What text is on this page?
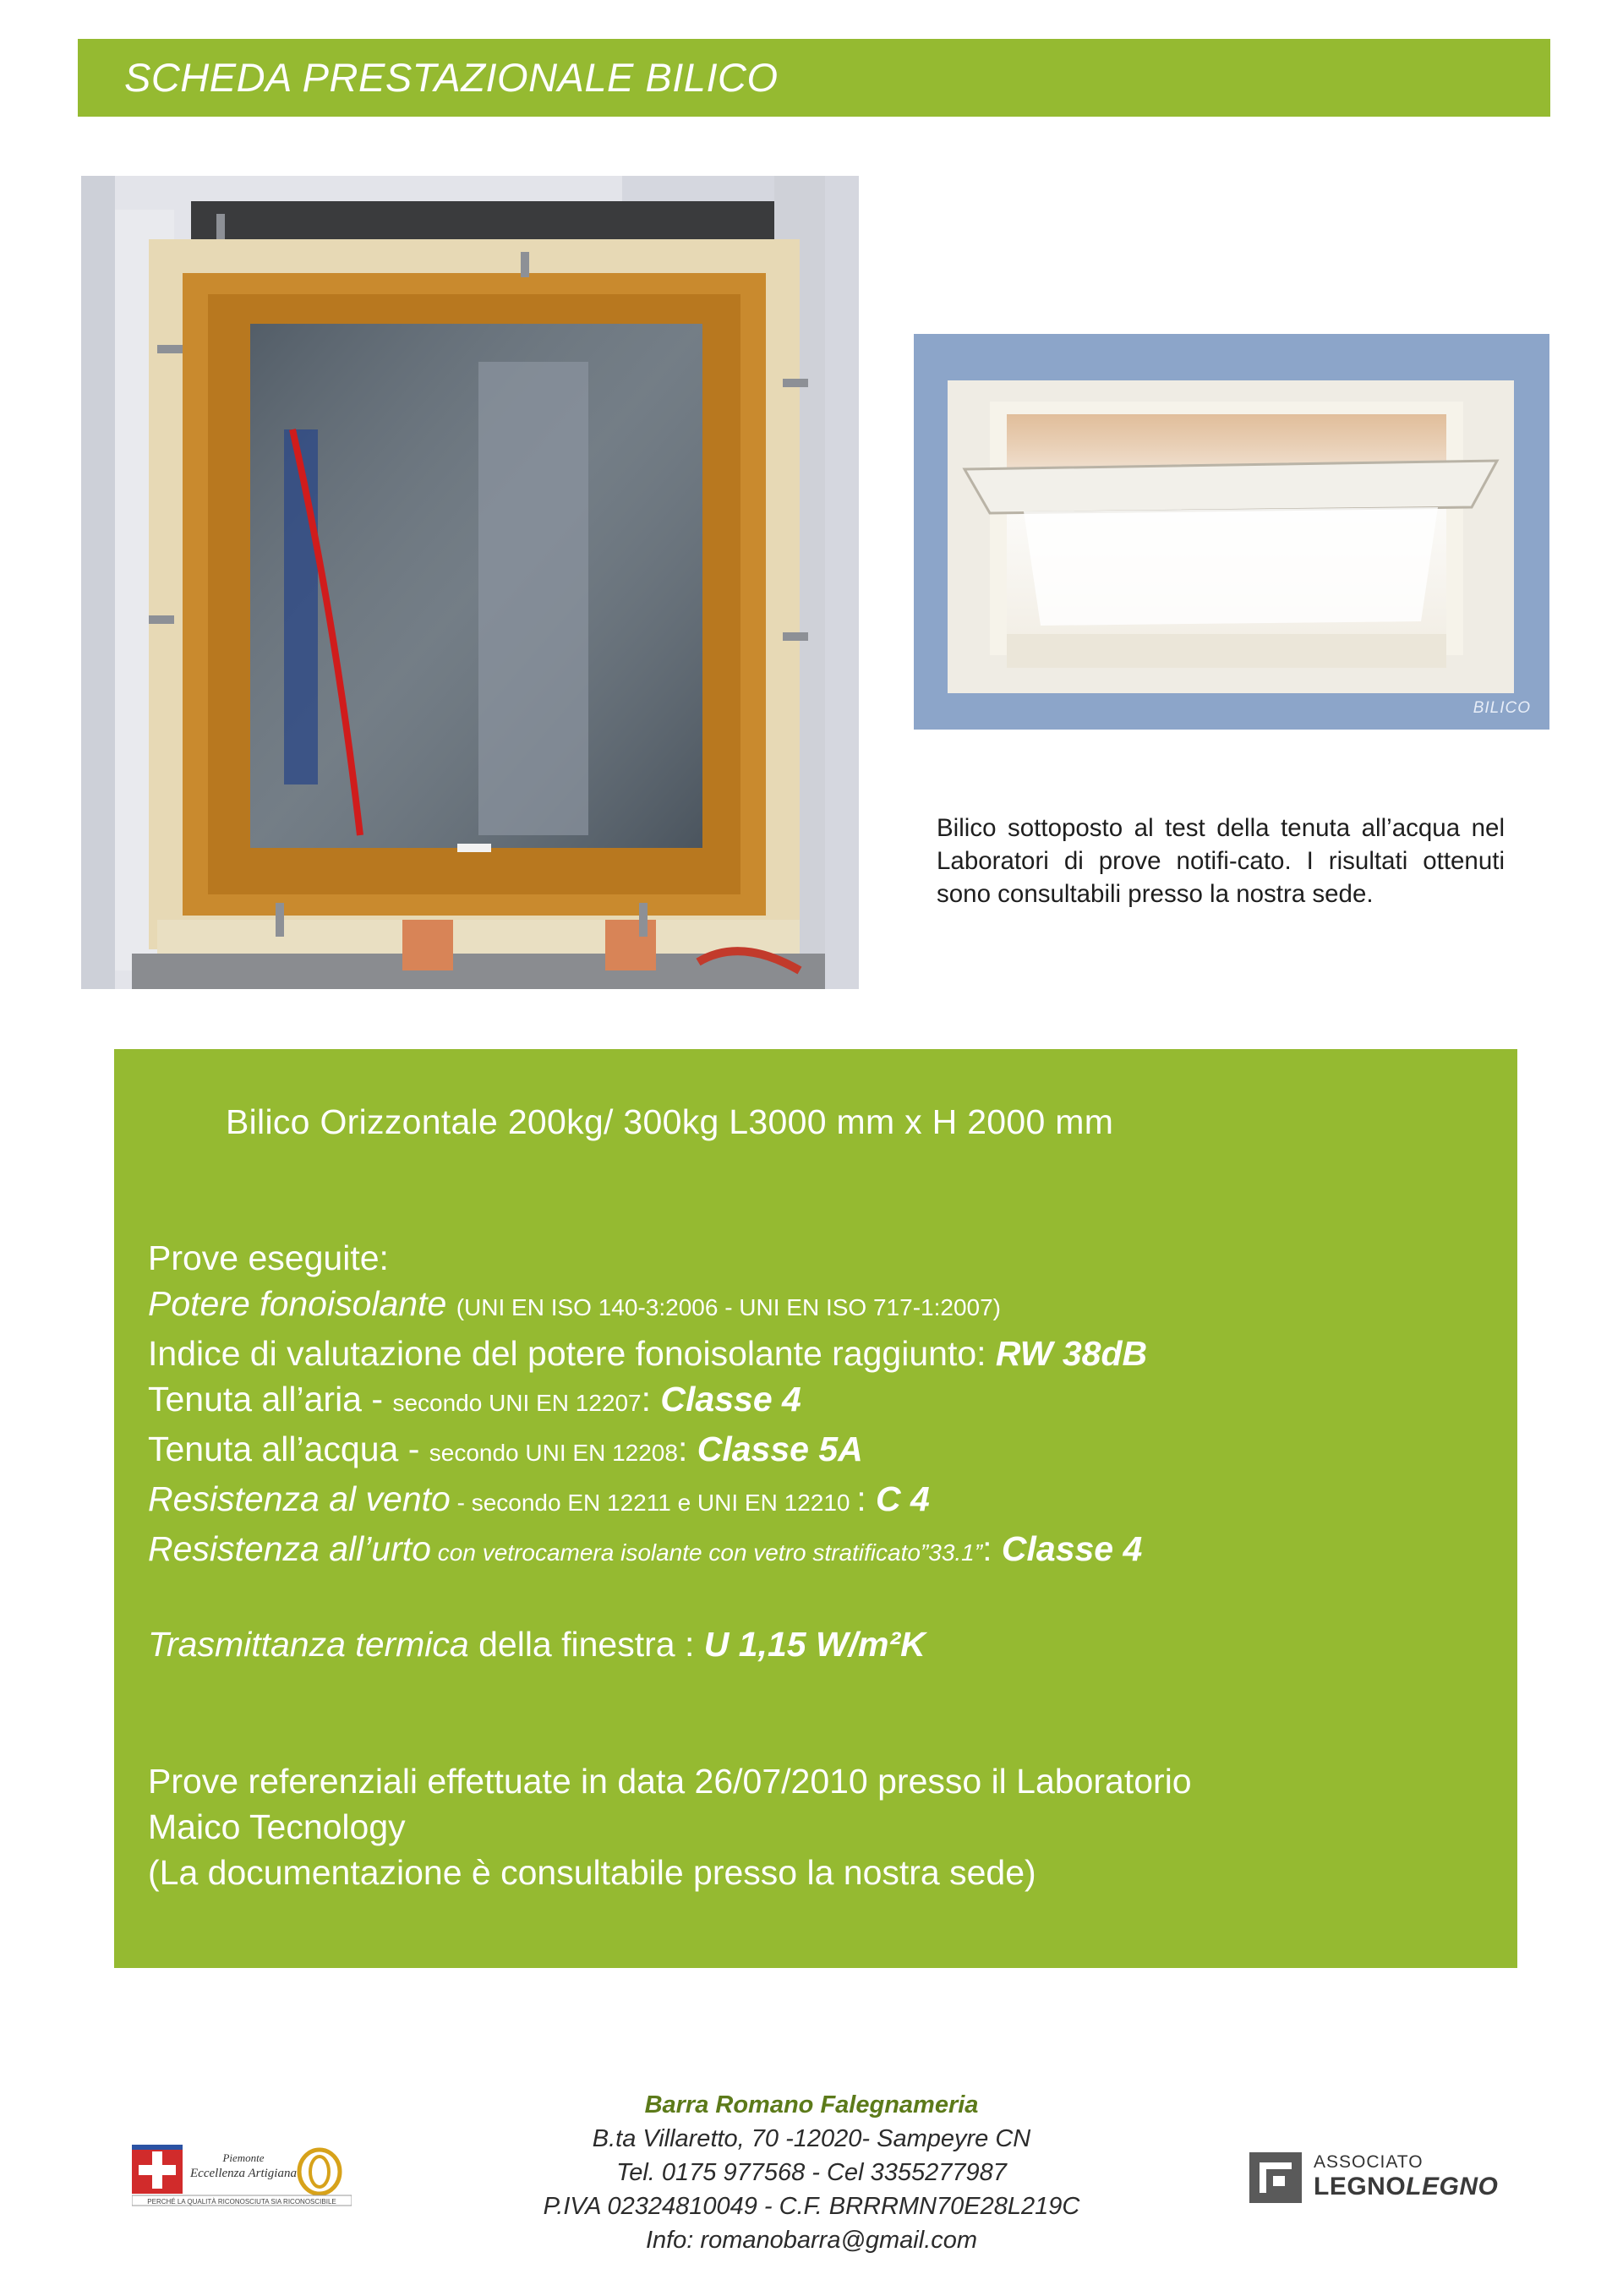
SCHEDA PRESTAZIONALE BILICO
BILICO
Bilico sottoposto al test della tenuta all’acqua nel Laboratori di prove notifi-cato. I risultati ottenuti sono consultabili presso la nostra sede.
Bilico Orizzontale 200kg/ 300kg L3000 mm x H 2000 mm
Prove eseguite:
Potere fonoisolante (UNI EN ISO 140-3:2006 - UNI EN ISO 717-1:2007)
Indice di valutazione del potere fonoisolante raggiunto: RW 38dB
Tenuta all’aria - secondo UNI EN 12207: Classe 4
Tenuta all’acqua - secondo UNI EN 12208: Classe 5A
Resistenza al vento - secondo EN 12211 e UNI EN 12210 : C 4
Resistenza all’urto con vetrocamera isolante con vetro stratificato”33.1”: Classe 4
Trasmittanza termica della finestra : U 1,15 W/m²K
Prove referenziali effettuate in data 26/07/2010 presso il Laboratorio
Maico Tecnology
(La documentazione è consultabile presso la nostra sede)
Piemonte
Eccellenza Artigiana
PERCHÉ LA QUALITÀ RICONOSCIUTA SIA RICONOSCIBILE
Barra Romano Falegnameria
B.ta Villaretto, 70 -12020- Sampeyre CN
Tel. 0175 977568 - Cel 3355277987
P.IVA 02324810049 - C.F. BRRRMN70E28L219C
Info: romanobarra@gmail.com
ASSOCIATO
LEGNOLEGNO
